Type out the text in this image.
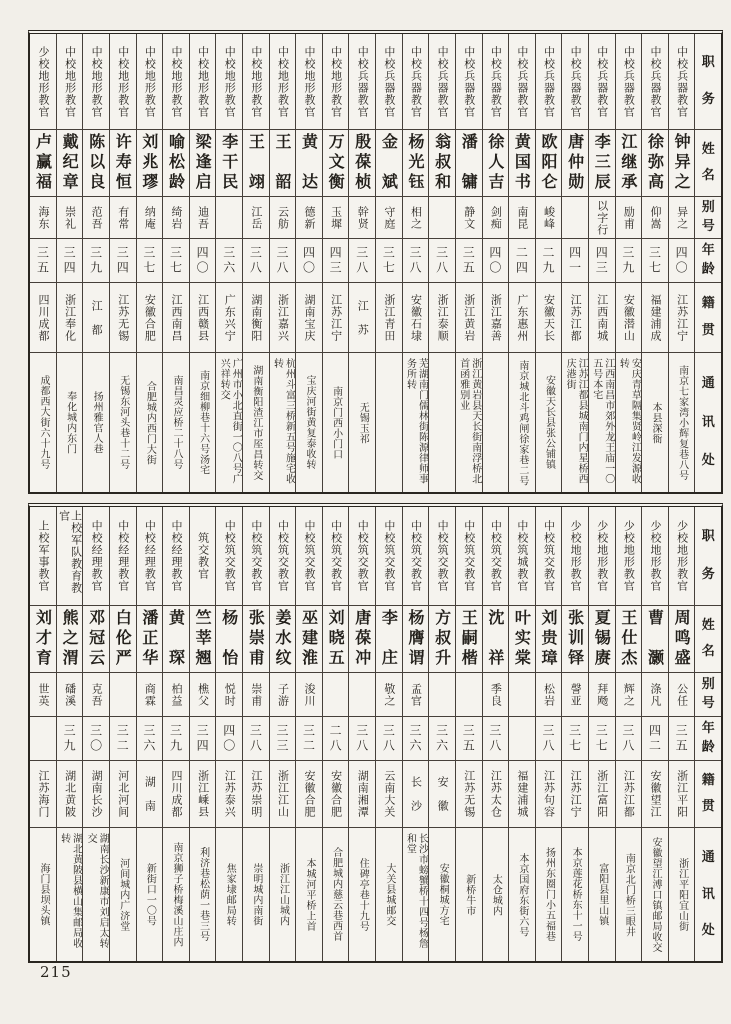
职
务
姓
名
别
号
年
龄
籍
贯
通
讯
处
中校兵器教官
钟异之
异之
四〇
江苏江宁
南京七家湾小辉复巷八号
中校兵器教官
徐弥高
仰嵩
三七
福建浦成
本县深衙
中校兵器教官
江继承
励甫
三九
安徽潜山
安庆青草隔集贤岭江发源收转
中校兵器教官
李三辰
以字行
四三
江西南城
江西南昌市郊外龙王庙一〇五号本宅
中校兵器教官
唐仲勋
四一
江苏江都
江苏江都县城南门内星桥西庆港街
中校兵器教官
欧阳仑
峻峰
二九
安徽天长
安徽天长县张公铺镇
中校兵器教官
黄国书
南昆
二四
广东惠州
南京城北斗鸡闸徐家巷二号
中校兵器教官
徐人吉
剑痴
四〇
浙江嘉善
中校兵器教官
潘　镛
静文
三五
浙江黄岩
浙江黄岩县天长街南浮桥北首函雅别业
中校兵器教官
翁叔和
三八
浙江泰顺
中校兵器教官
杨光钰
相之
三八
安徽石埭
芜湖南门儒林街陈源律师事务所转
中校兵器教官
金　斌
守庭
三七
浙江青田
中校兵器教官
殷葆桢
幹贤
三八
江　苏
无锡玉祁
中校地形教官
万文衡
玉墀
四三
江苏江宁
南京门西小门口
中校地形教官
黄　达
德新
四〇
湖南宝庆
宝庆河街黄复泰收转
中校地形教官
王　韶
云舫
三八
浙江嘉兴
杭州斗富三桥新五号施宅收转
中校地形教官
王　翊
江岳
三八
湖南衡阳
湖南衡阳渣江市厔昌转交
中校地形教官
李干民
三六
广东兴宁
广州市小北直街一〇八号广兴祥转交
中校地形教官
梁逢启
迪吾
四〇
江西赣县
南京细柳巷十六号汤宅
中校地形教官
喻松龄
绮岩
三七
江西南昌
南昌灵应桥二十八号
中校地形教官
刘兆璆
纳庵
三七
安徽合肥
合肥城内西门大街
中校地形教官
许寿恒
有常
三四
江苏无锡
无锡东河头巷十二号
中校地形教官
陈以良
范吾
三九
江　都
扬州雅官人巷
中校地形教官
戴纪章
崇礼
三四
浙江奉化
奉化城内东门
少校地形教官
卢赢福
海东
三五
四川成都
成都西大街六十九号
职
务
姓
名
别
号
年
龄
籍
贯
通
讯
处
少校地形教官
周鸣盛
公任
三五
浙江平阳
浙江平阳宜山街
少校地形教官
曹　灏
涤凡
四二
安徽望江
安徽望江溥口镇邮局收交
少校地形教官
王仕杰
辉之
三八
江苏江都
南京北门桥三眼井
少校地形教官
夏锡赓
拜飏
三七
浙江富阳
富阳县里山镇
少校地形教官
张训铎
謦亚
三七
江苏江宁
本京莲花桥东十一号
中校筑交教官
刘贵璋
松岩
三八
江苏句容
扬州东圈门小五福巷
中校筑城教官
叶实棠
福建浦城
本京国府东街六号
中校筑交教官
沈　祥
季良
三八
江苏太仓
太仓城内
中校筑交教官
王嗣楷
三五
江苏无锡
新桥牛市
中校筑交教官
方叔升
三六
安　徽
安徽桐城方宅
中校筑交教官
杨膺谓
孟官
三六
长　沙
长沙市螃蟹桥十四号杨詹和堂
中校筑交教官
李　庄
敬之
三八
云南大关
大关县城邮交
中校筑交教官
唐葆冲
三八
湖南湘潭
住碑亭巷十九号
中校筑交教官
刘晓五
二八
安徽合肥
合肥城内慈云巷西首
中校筑交教官
巫建淮
浚川
三二
安徽合肥
本城河平桥上首
中校筑交教官
姜水纹
子游
三三
浙江江山
浙江江山城内
中校筑交教官
张崇甫
崇甫
三八
江苏崇明
崇明城内南街
中校筑交教官
杨　怡
悦时
四〇
江苏泰兴
焦家埭邮局转
筑交教官
竺莘翘
樵父
三四
浙江嵊县
利济巷松荫一巷三号
中校经理教官
黄　琛
柏益
三九
四川成都
南京狮子桥梅溪山庄内
中校经理教官
潘正华
商霖
三六
湖　南
新街口一〇号
中校经理教官
白伦严
三二
河北河间
河间城内广济堂
中校经理教官
邓冠云
克吾
三〇
湖南长沙
湖南长沙新康市刘启太转交
上校军队教育教官
熊之渭
磻溪
三九
湖北黄陂
湖北黄陂县横山集邮局收转
上校军事教官
刘才育
世英
江苏海门
海门县坝头镇
215
